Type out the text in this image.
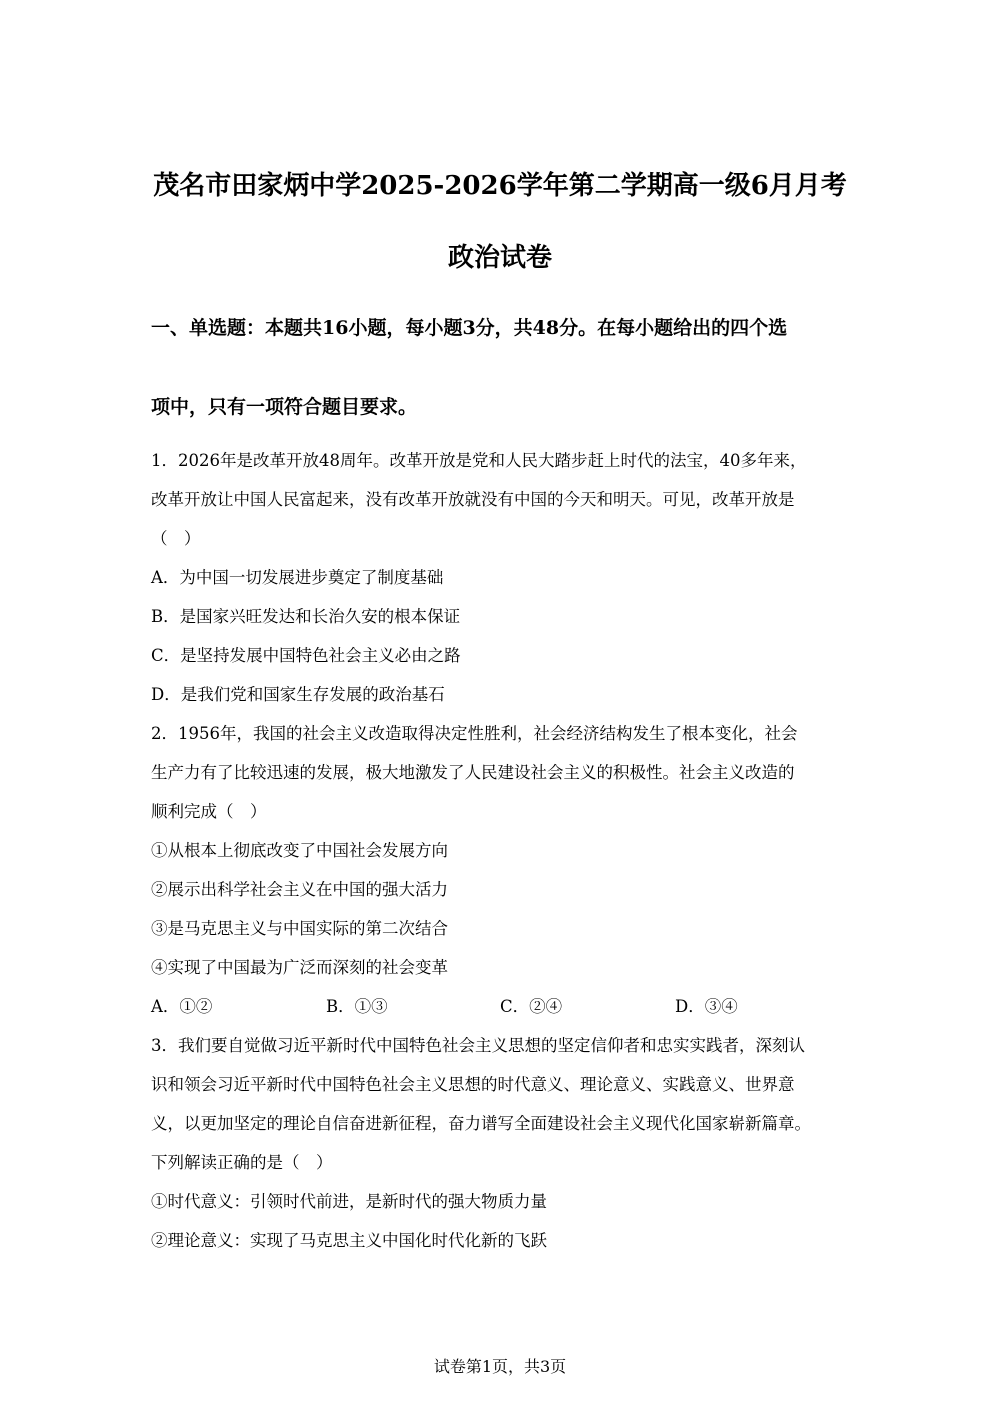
茂名市田家炳中学2025-2026学年第二学期高一级6月月考
政治试卷
一、单选题：本题共16小题，每小题3分，共48分。在每小题给出的四个选
项中，只有一项符合题目要求。
1．2026年是改革开放48周年。改革开放是党和人民大踏步赶上时代的法宝，40多年来，
改革开放让中国人民富起来，没有改革开放就没有中国的今天和明天。可见，改革开放是
（　）
A．为中国一切发展进步奠定了制度基础
B．是国家兴旺发达和长治久安的根本保证
C．是坚持发展中国特色社会主义必由之路
D．是我们党和国家生存发展的政治基石
2．1956年，我国的社会主义改造取得决定性胜利，社会经济结构发生了根本变化，社会
生产力有了比较迅速的发展，极大地激发了人民建设社会主义的积极性。社会主义改造的
顺利完成（　）
①从根本上彻底改变了中国社会发展方向
②展示出科学社会主义在中国的强大活力
③是马克思主义与中国实际的第二次结合
④实现了中国最为广泛而深刻的社会变革
A．①②	B．①③	C．②④	D．③④
3．我们要自觉做习近平新时代中国特色社会主义思想的坚定信仰者和忠实实践者，深刻认
识和领会习近平新时代中国特色社会主义思想的时代意义、理论意义、实践意义、世界意
义，以更加坚定的理论自信奋进新征程，奋力谱写全面建设社会主义现代化国家崭新篇章。
下列解读正确的是（　）
①时代意义：引领时代前进，是新时代的强大物质力量
②理论意义：实现了马克思主义中国化时代化新的飞跃
试卷第1页，共3页
